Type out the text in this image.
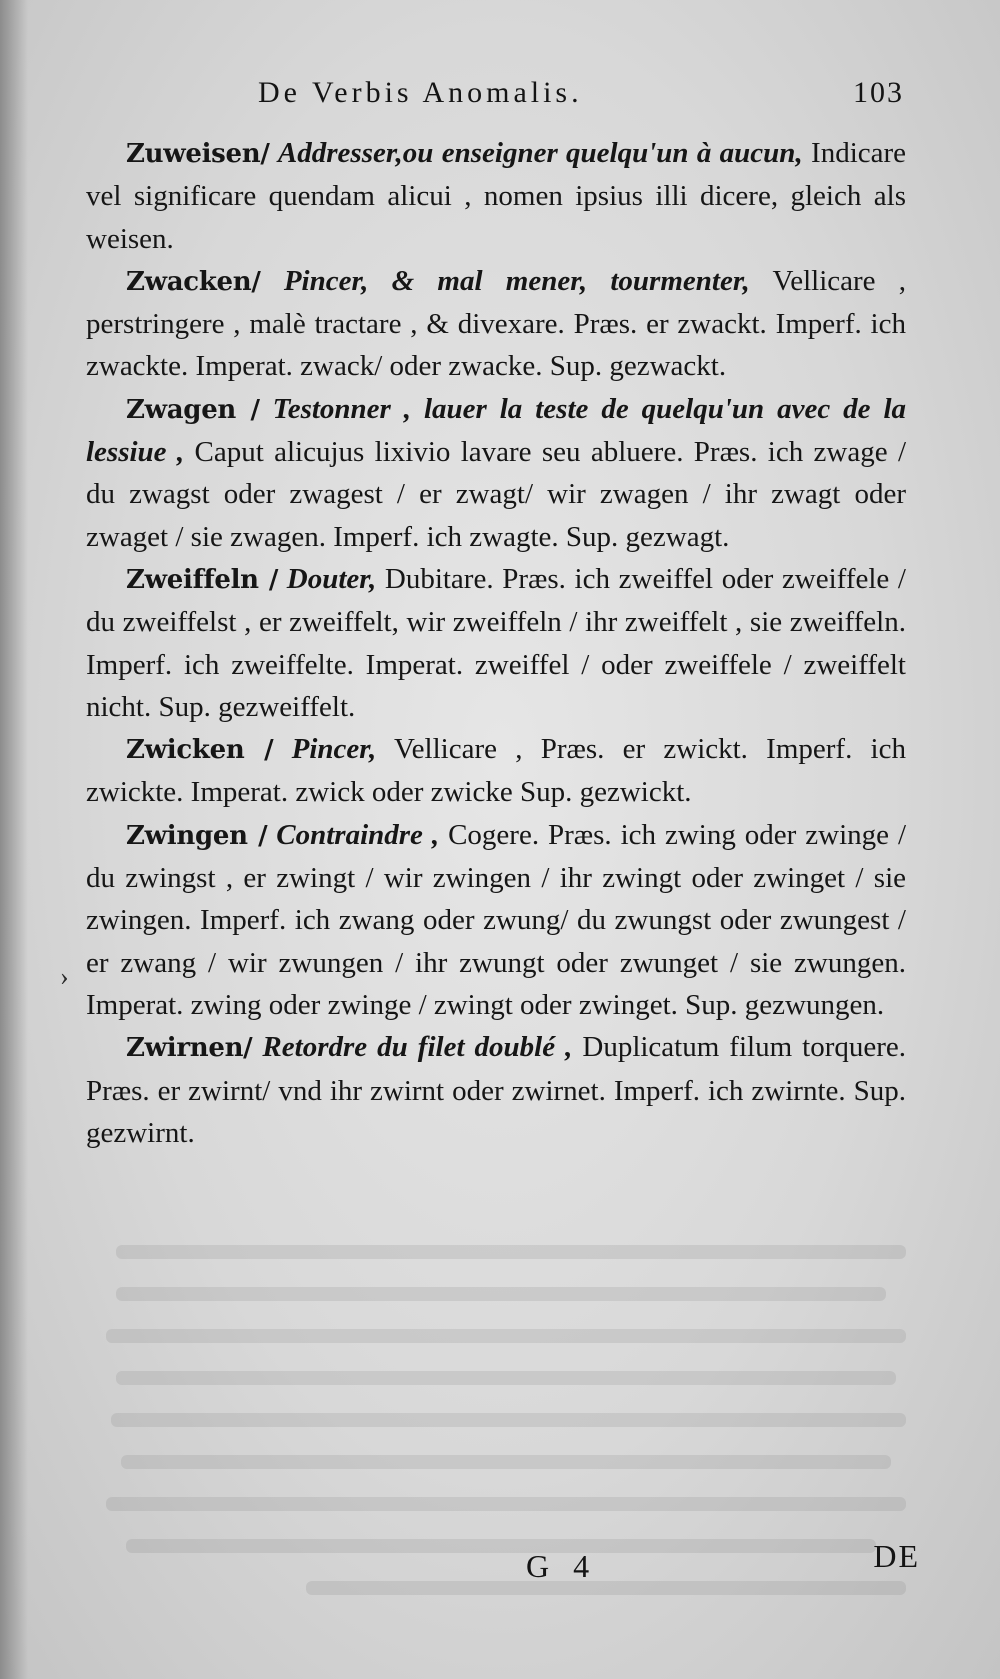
De Verbis Anomalis.	103

Zuweisen/ Addresser,ou enseigner quelqu'un à aucun, Indicare vel significare quendam alicui , nomen ipsius illi dicere, gleich als weisen.

Zwacken/ Pincer, & mal mener, tourmenter, Vellicare , perstringere , malè tractare , & divexare. Præs. er zwackt. Imperf. ich zwackte. Imperat. zwack/ oder zwacke. Sup. gezwackt.

Zwagen / Testonner , lauer la teste de quelqu'un avec de la lessiue , Caput alicujus lixivio lavare seu abluere. Præs. ich zwage / du zwagst oder zwagest / er zwagt/ wir zwagen / ihr zwagt oder zwaget / sie zwagen. Imperf. ich zwagte. Sup. gezwagt.

Zweiffeln / Douter, Dubitare. Præs. ich zweiffel oder zweiffele / du zweiffelst , er zweiffelt, wir zweiffeln / ihr zweiffelt , sie zweiffeln. Imperf. ich zweiffelte. Imperat. zweiffel / oder zweiffele / zweiffelt nicht. Sup. gezweiffelt.

Zwicken / Pincer, Vellicare , Præs. er zwickt. Imperf. ich zwickte. Imperat. zwick oder zwicke Sup. gezwickt.

Zwingen / Contraindre , Cogere. Præs. ich zwing oder zwinge / du zwingst , er zwingt / wir zwingen / ihr zwingt oder zwinget / sie zwingen. Imperf. ich zwang oder zwung/ du zwungst oder zwungest / er zwang / wir zwungen / ihr zwungt oder zwunget / sie zwungen. Imperat. zwing oder zwinge / zwingt oder zwinget. Sup. gezwungen.

Zwirnen/ Retordre du filet doublé , Duplicatum filum torquere. Præs. er zwirnt/ vnd ihr zwirnt oder zwirnet. Imperf. ich zwirnte. Sup. gezwirnt.

›
G 4	DE
